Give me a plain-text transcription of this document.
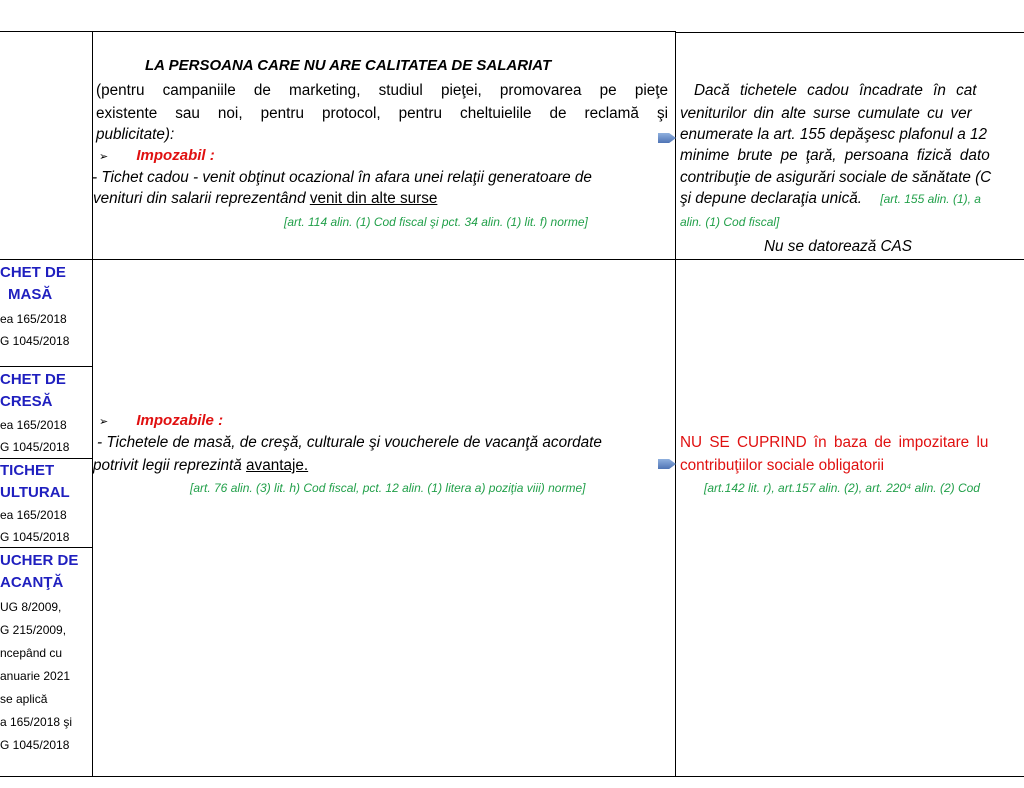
LA PERSOANA CARE NU ARE CALITATEA DE SALARIAT
(pentru campaniile de marketing, studiul pieţei, promovarea pe pieţe
existente sau noi, pentru protocol, pentru cheltuielile de reclamă şi
publicitate):
➢ Impozabil :
- Tichet cadou - venit obţinut ocazional în afara unei relaţii generatoare de
venituri din salarii reprezentând venit din alte surse
[art. 114 alin. (1) Cod fiscal şi pct. 34 alin. (1) lit. f) norme]
Dacă tichetele cadou încadrate în cat
veniturilor din alte surse cumulate cu ver
enumerate la art. 155 depăşesc plafonul a 12
minime brute pe ţară, persoana fizică dato
contribuţie de asigurări sociale de sănătate (C
şi depune declaraţia unică. [art. 155 alin. (1), a
alin. (1) Cod fiscal]
Nu se datorează CAS
CHET DE
MASĂ
ea 165/2018
G 1045/2018
CHET DE
CRESĂ
ea 165/2018
G 1045/2018
TICHET
ULTURAL
ea 165/2018
G 1045/2018
UCHER DE
ACANŢĂ
UG 8/2009,
G 215/2009,
ncepând cu
anuarie 2021
se aplică
a 165/2018 şi
G 1045/2018
➢ Impozabile :
- Tichetele de masă, de creşă, culturale şi voucherele de vacanţă acordate
potrivit legii reprezintă avantaje.
[art. 76 alin. (3) lit. h) Cod fiscal, pct. 12 alin. (1) litera a) poziţia viii) norme]
NU SE CUPRIND în baza de impozitare lu
contribuţiilor sociale obligatorii
[art.142 lit. r), art.157 alin. (2), art. 220⁴ alin. (2) Cod
